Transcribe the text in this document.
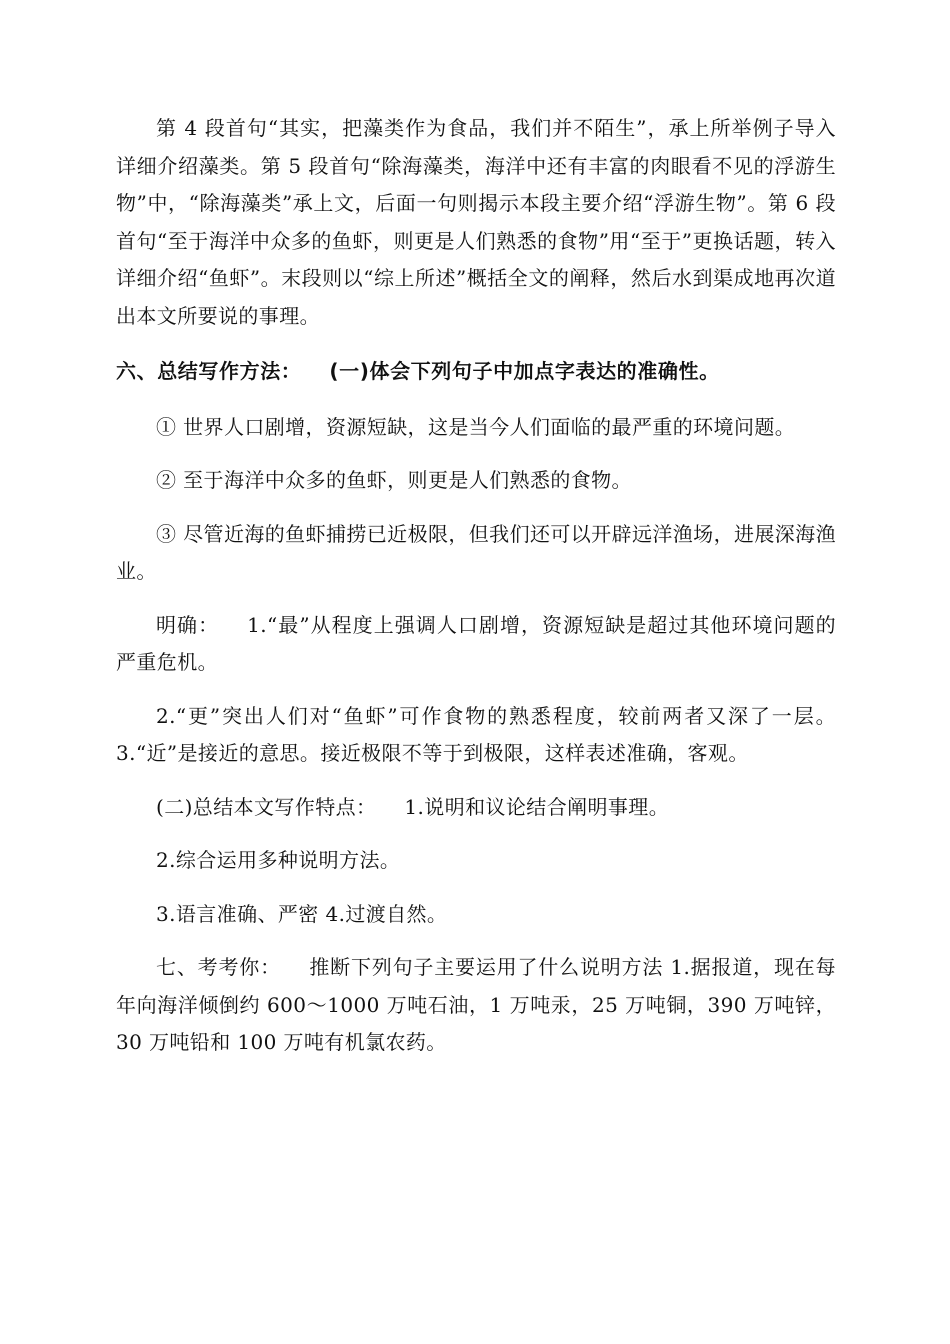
第 4 段首句“其实，把藻类作为食品，我们并不陌生”，承上所举例子导入详细介绍藻类。第 5 段首句“除海藻类，海洋中还有丰富的肉眼看不见的浮游生物”中，“除海藻类”承上文，后面一句则揭示本段主要介绍“浮游生物”。第 6 段首句“至于海洋中众多的鱼虾，则更是人们熟悉的食物”用“至于”更换话题，转入详细介绍“鱼虾”。末段则以“综上所述”概括全文的阐释，然后水到渠成地再次道出本文所要说的事理。

六、总结写作方法： (一)体会下列句子中加点字表达的准确性。

① 世界人口剧增，资源短缺，这是当今人们面临的最严重的环境问题。

② 至于海洋中众多的鱼虾，则更是人们熟悉的食物。

③ 尽管近海的鱼虾捕捞已近极限，但我们还可以开辟远洋渔场，进展深海渔业。

明确： 1.“最”从程度上强调人口剧增，资源短缺是超过其他环境问题的严重危机。

2.“更”突出人们对“鱼虾”可作食物的熟悉程度，较前两者又深了一层。3.“近”是接近的意思。接近极限不等于到极限，这样表述准确，客观。

(二)总结本文写作特点： 1.说明和议论结合阐明事理。

2.综合运用多种说明方法。

3.语言准确、严密 4.过渡自然。

七、考考你： 推断下列句子主要运用了什么说明方法 1.据报道，现在每年向海洋倾倒约 600～1000 万吨石油，1 万吨汞，25 万吨铜，390 万吨锌，30 万吨铅和 100 万吨有机氯农药。
